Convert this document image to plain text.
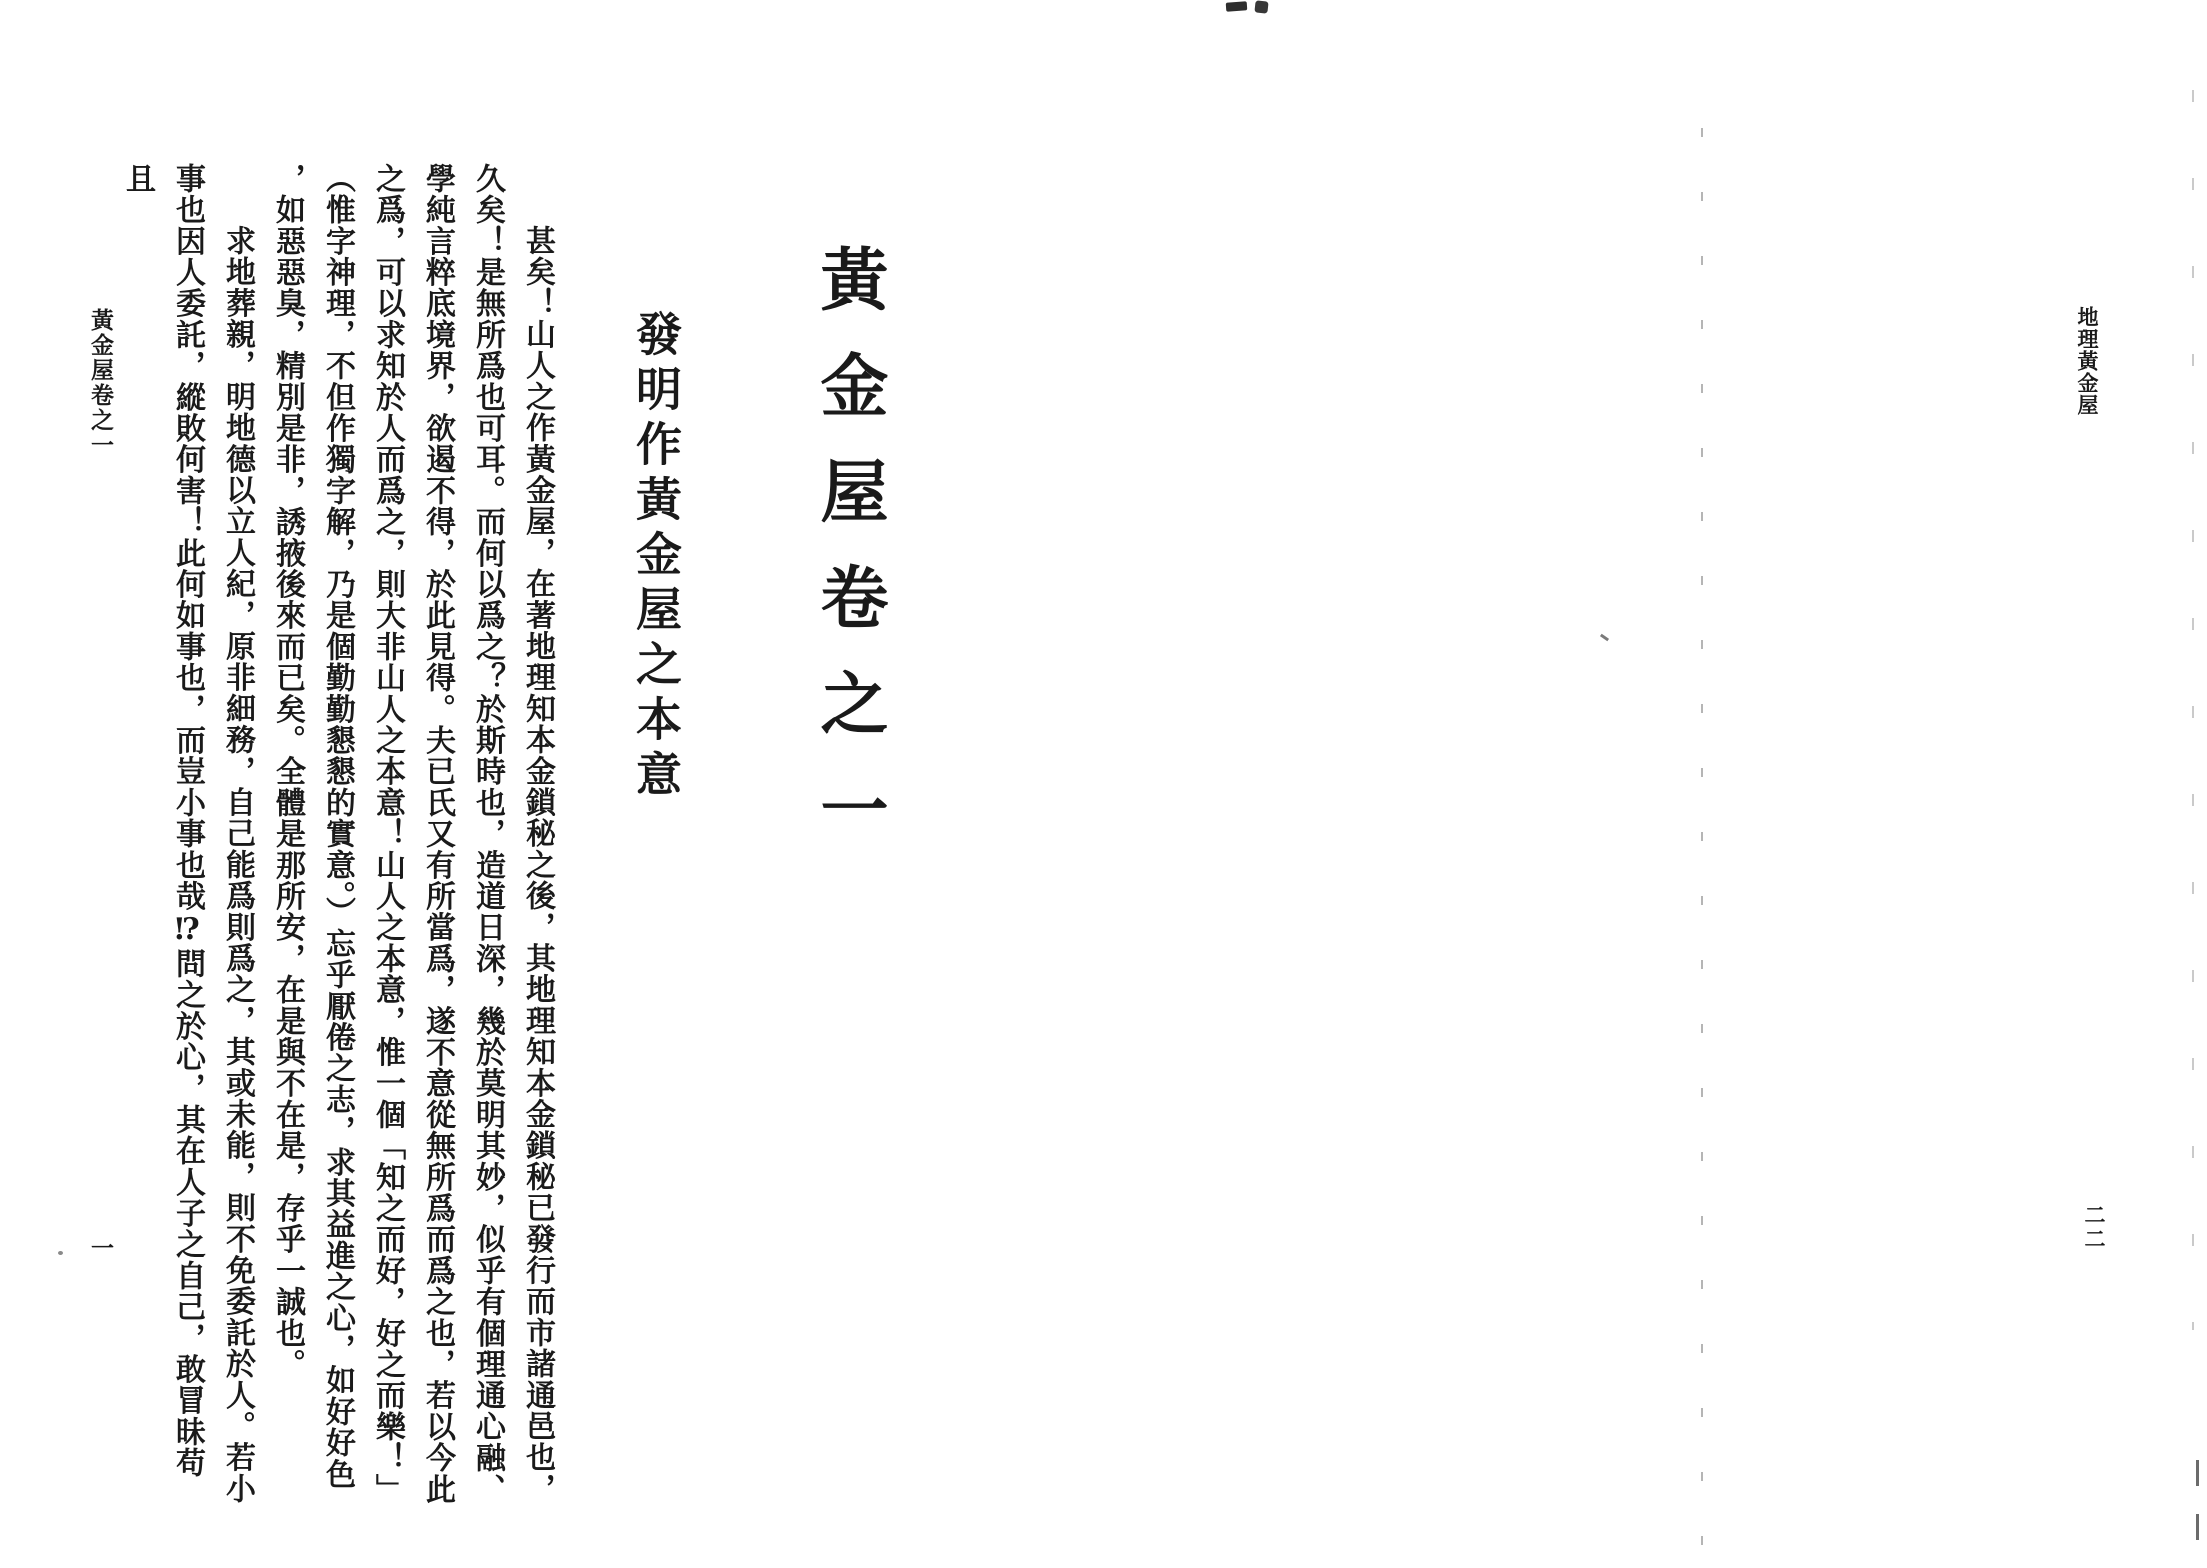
地理黃金屋
二二
黃金屋卷之一
發明作黃金屋之本意

甚矣！山人之作黃金屋，在著地理知本金鎖秘之後，其地理知本金鎖秘已發行而市諸通邑也，久矣！是無所爲也可耳。而何以爲之？於斯時也，造道日深，幾於莫明其妙，似乎有個理通心融、學純言粹底境界，欲遏不得，於此見得。夫已氏又有所當爲，遂不意從無所爲而爲之也，若以今此之爲，可以求知於人而爲之，則大非山人之本意！山人之本意，惟一個「知之而好，好之而樂！」（惟字神理，不但作獨字解，乃是個勤勤懇懇的實意。）忘乎厭倦之志，求其益進之心，如好好色，如惡惡臭，精別是非，誘掖後來而已矣。全體是那所安，在是與不在是，存乎一誠也。

求地葬親，明地德以立人紀，原非細務，自己能爲則爲之，其或未能，則不免委託於人。若小事也因人委託，縱敗何害！此何如事也，而豈小事也哉⁉問之於心，其在人子之自己，敢冒昧苟且

黃金屋卷之一
一
